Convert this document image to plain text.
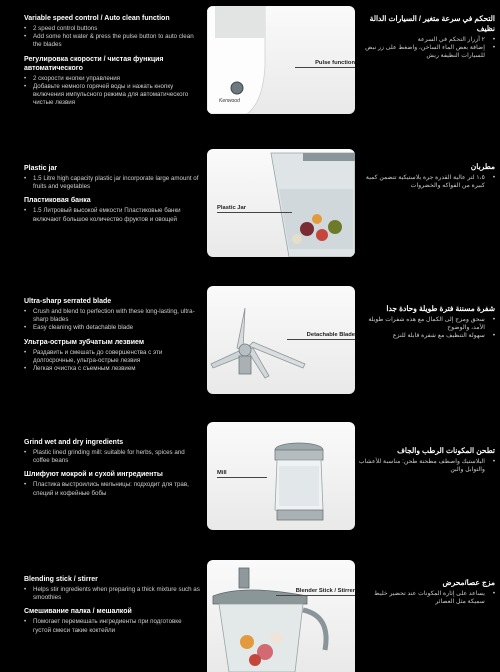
Variable speed control / Auto clean function
• 2 speed control buttons
• Add some hot water & press the pulse button to auto clean the blades
Регулировка скорости / чистая функция автоматического
• 2 скорости кнопки управления
• Добавьте немного горячей воды и нажать кнопку включения импульсного режима для автоматического чистые лезвия	Kenwood
Pulse function
التحكم في سرعة متغير / السيارات الدالة نظيف
• ٢ أزرار التحكم في السرعة
• إضافة بعض الماء الساخن، واضغط على زر نبض للسيارات النظيفة ريش
Plastic jar
• 1.5 Litre high capacity plastic jar incorporate large amount of fruits and vegetables
Пластиковая банка
• 1.5 Литровый высокой емкости Пластиковые банки включают большое количество фруктов и овощей
Plastic Jar
مطربان
• ١،٥ لتر عالية القدرة جرة بلاستيكية تتضمن كمية كبيرة من الفواكه والخضروات
Ultra-sharp serrated blade
• Crush and blend to perfection with these long-lasting, ultra-sharp blades
• Easy cleaning with detachable blade
Ультра-острым зубчатым лезвием
• Раздавить и смешать до совершенства с эти долгосрочные, ультра-острые лезвия
• Легкая очистка с съемным лезвием
Detachable Blade
شفرة مسننة فترة طويلة وحادة جدا
• سحق ومزج إلى الكمال مع هذه شفرات طويلة الأمد، والوضوح
• سهولة التنظيف مع شفرة قابلة للنزع
Grind wet and dry ingredients
• Plastic lined grinding mill: suitable for herbs, spices and coffee beans
Шлифуют мокрой и сухой ингредиенты
• Пластика выстроились мельницы: подходит для трав, специй и кофейные бобы
Mill
تطحن المكونات الرطب والجاف
• البلاستيك واصطف مطحنة طحن: مناسبة للأعشاب والتوابل والبن
Blending stick / stirrer
• Helps stir ingredients when preparing a thick mixture such as smoothies
Смешивание палка / мешалкой
• Помогает перемешать ингредиенты при подготовке густой смеси такие коктейли
Blender Stick / Stirrer
مزج عصا/محرض
• يساعد على إثارة المكونات عند تحضير خليط سميكة مثل العصائر
